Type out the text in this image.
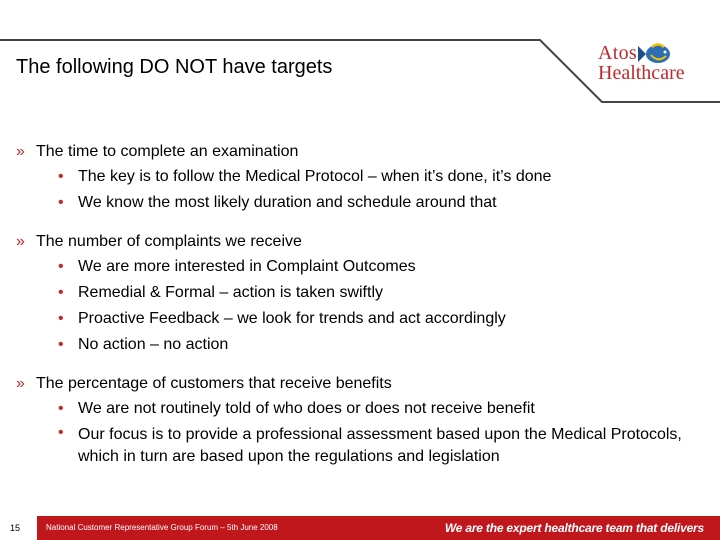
The following DO NOT have targets
Atos
Healthcare
» The time to complete an examination
• The key is to follow the Medical Protocol – when it’s done, it’s done
• We know the most likely duration and schedule around that
» The number of complaints we receive
• We are more interested in Complaint Outcomes
• Remedial & Formal – action is taken swiftly
• Proactive Feedback – we look for trends and act accordingly
• No action – no action
» The percentage of customers that receive benefits
• We are not routinely told of who does or does not receive benefit
• Our focus is to provide a professional assessment based upon the Medical Protocols, which in turn are based upon the regulations and legislation
15	National Customer Representative Group Forum – 5th June 2008	We are the expert healthcare team that delivers
